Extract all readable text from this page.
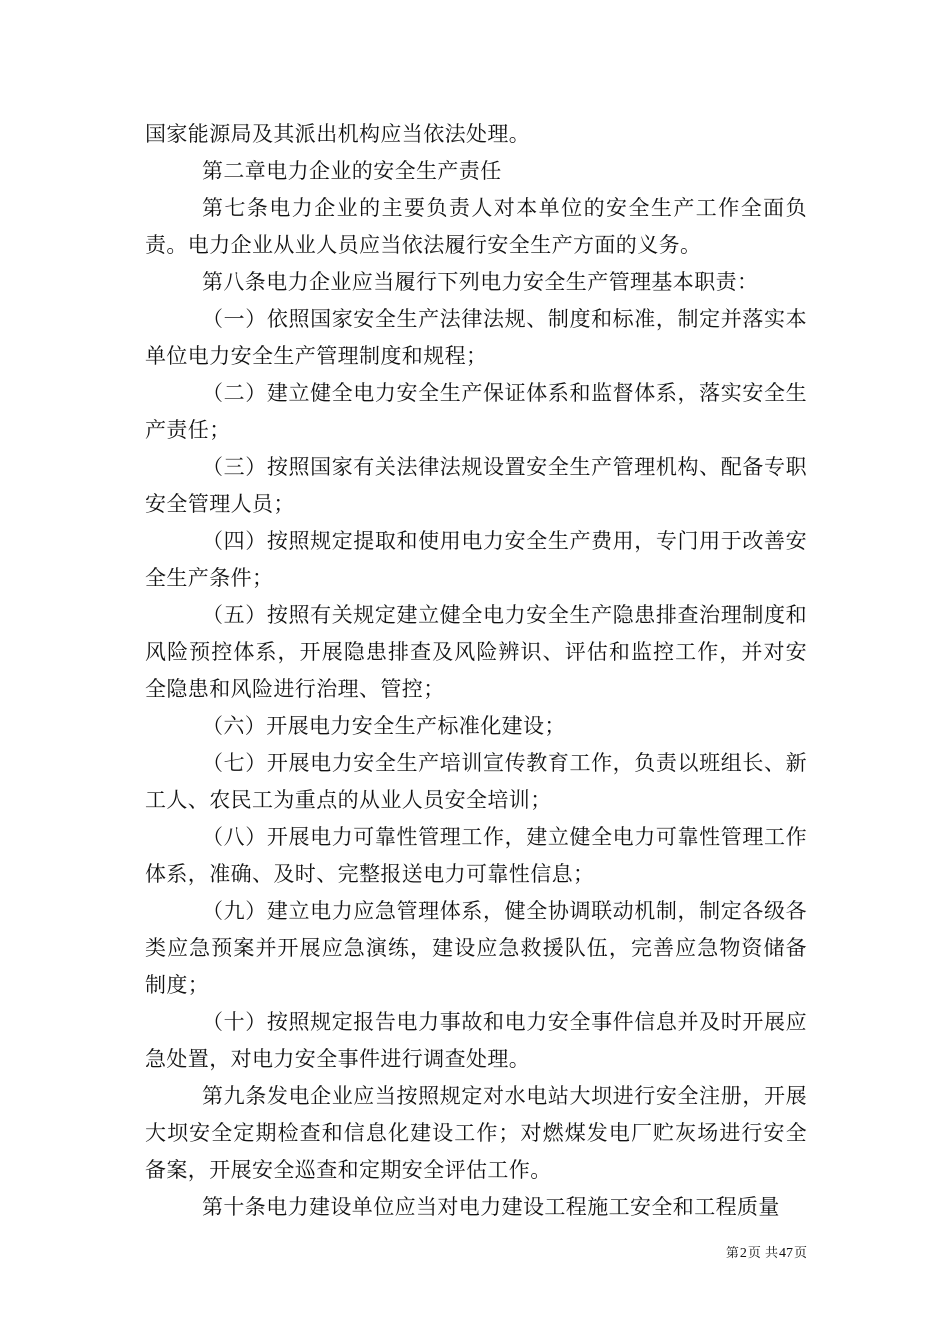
国家能源局及其派出机构应当依法处理。

第二章电力企业的安全生产责任

第七条电力企业的主要负责人对本单位的安全生产工作全面负责。电力企业从业人员应当依法履行安全生产方面的义务。

第八条电力企业应当履行下列电力安全生产管理基本职责：

（一）依照国家安全生产法律法规、制度和标准，制定并落实本单位电力安全生产管理制度和规程；

（二）建立健全电力安全生产保证体系和监督体系，落实安全生产责任；

（三）按照国家有关法律法规设置安全生产管理机构、配备专职安全管理人员；

（四）按照规定提取和使用电力安全生产费用，专门用于改善安全生产条件；

（五）按照有关规定建立健全电力安全生产隐患排查治理制度和风险预控体系，开展隐患排查及风险辨识、评估和监控工作，并对安全隐患和风险进行治理、管控；

（六）开展电力安全生产标准化建设；

（七）开展电力安全生产培训宣传教育工作，负责以班组长、新工人、农民工为重点的从业人员安全培训；

（八）开展电力可靠性管理工作，建立健全电力可靠性管理工作体系，准确、及时、完整报送电力可靠性信息；

（九）建立电力应急管理体系，健全协调联动机制，制定各级各类应急预案并开展应急演练，建设应急救援队伍，完善应急物资储备制度；

（十）按照规定报告电力事故和电力安全事件信息并及时开展应急处置，对电力安全事件进行调查处理。

第九条发电企业应当按照规定对水电站大坝进行安全注册，开展大坝安全定期检查和信息化建设工作；对燃煤发电厂贮灰场进行安全备案，开展安全巡查和定期安全评估工作。

第十条电力建设单位应当对电力建设工程施工安全和工程质量

第2页 共47页
